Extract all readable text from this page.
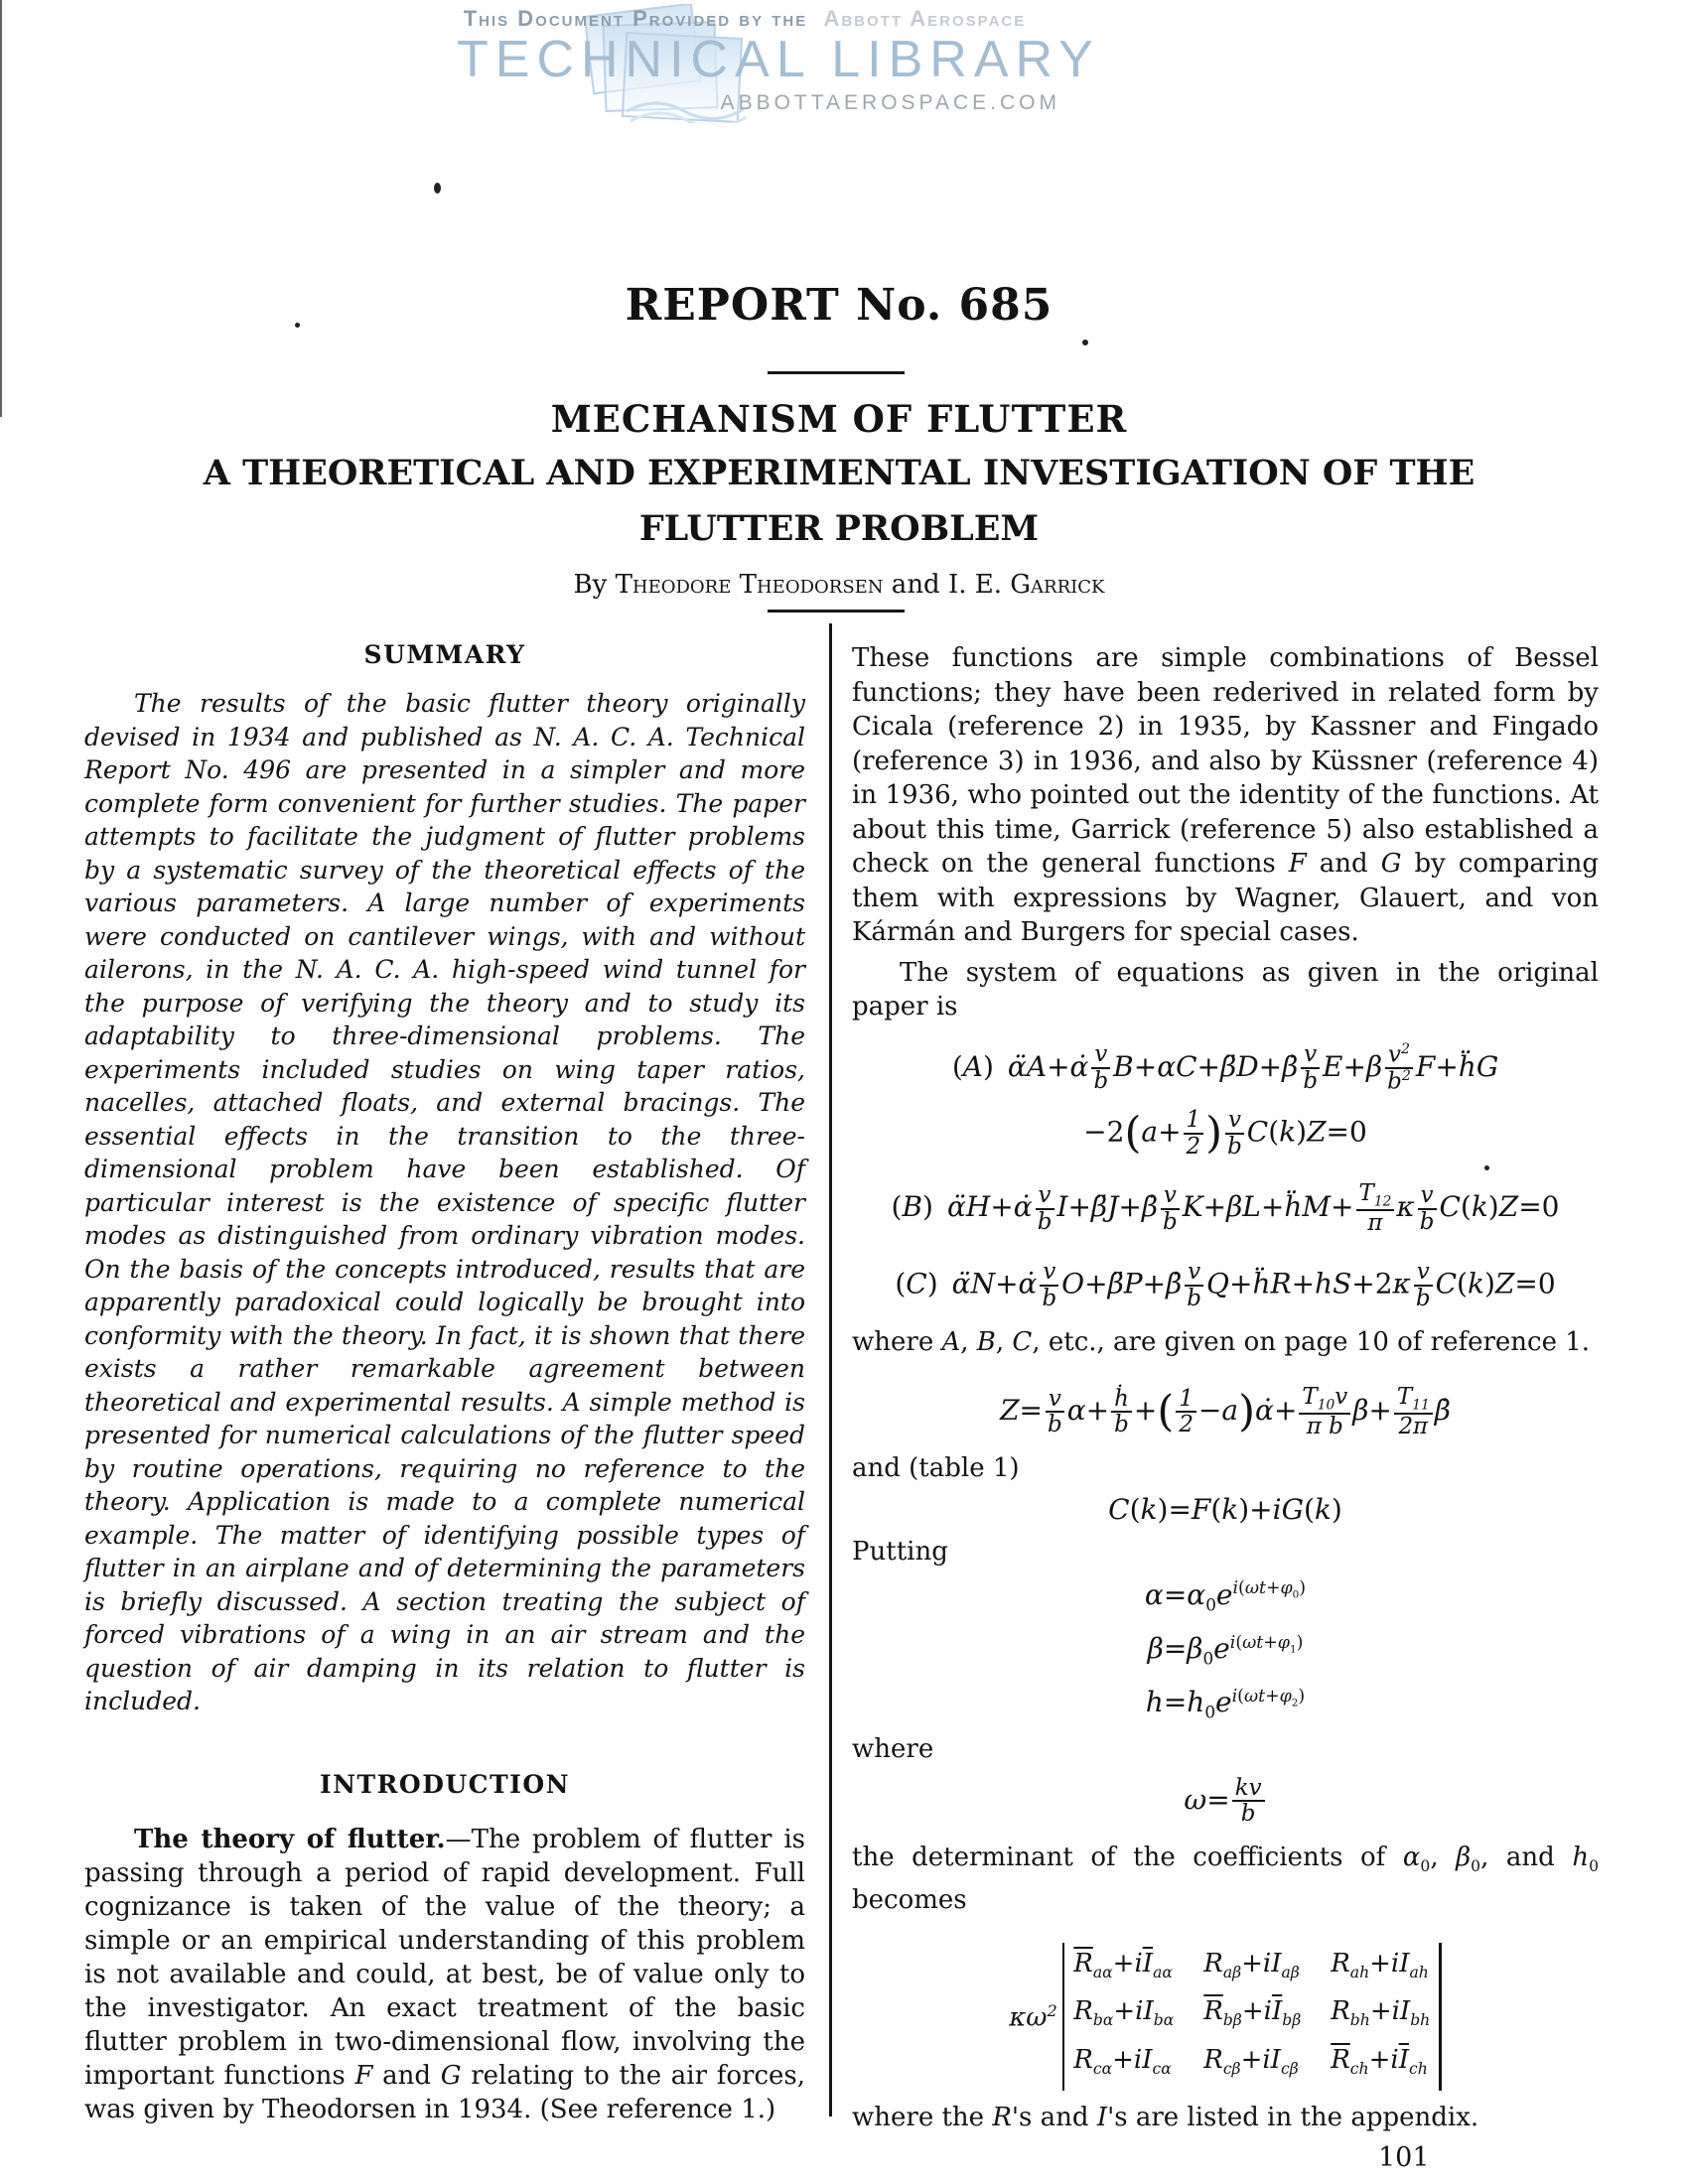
This Document Provided by the Abbott Aerospace
TECHNICAL LIBRARY
ABBOTTAEROSPACE.COM
REPORT No. 685
MECHANISM OF FLUTTER
A THEORETICAL AND EXPERIMENTAL INVESTIGATION OF THE
FLUTTER PROBLEM
By Theodore Theodorsen and I. E. Garrick

SUMMARY

The results of the basic flutter theory originally devised in 1934 and published as N. A. C. A. Technical Report No. 496 are presented in a simpler and more complete form convenient for further studies. The paper attempts to facilitate the judgment of flutter problems by a systematic survey of the theoretical effects of the various parameters. A large number of experiments were conducted on cantilever wings, with and without ailerons, in the N. A. C. A. high-speed wind tunnel for the purpose of verifying the theory and to study its adaptability to three-dimensional problems. The experiments included studies on wing taper ratios, nacelles, attached floats, and external bracings. The essential effects in the transition to the three-dimensional problem have been established. Of particular interest is the existence of specific flutter modes as distinguished from ordinary vibration modes. On the basis of the concepts introduced, results that are apparently paradoxical could logically be brought into conformity with the theory. In fact, it is shown that there exists a rather remarkable agreement between theoretical and experimental results. A simple method is presented for numerical calculations of the flutter speed by routine operations, requiring no reference to the theory. Application is made to a complete numerical example. The matter of identifying possible types of flutter in an airplane and of determining the parameters is briefly discussed. A section treating the subject of forced vibrations of a wing in an air stream and the question of air damping in its relation to flutter is included.

INTRODUCTION

The theory of flutter.—The problem of flutter is passing through a period of rapid development. Full cognizance is taken of the value of the theory; a simple or an empirical understanding of this problem is not available and could, at best, be of value only to the investigator. An exact treatment of the basic flutter problem in two-dimensional flow, involving the important functions F and G relating to the air forces, was given by Theodorsen in 1934. (See reference 1.)

These functions are simple combinations of Bessel functions; they have been rederived in related form by Cicala (reference 2) in 1935, by Kassner and Fingado (reference 3) in 1936, and also by Küssner (reference 4) in 1936, who pointed out the identity of the functions. At about this time, Garrick (reference 5) also established a check on the general functions F and G by comparing them with expressions by Wagner, Glauert, and von Kármán and Burgers for special cases.

The system of equations as given in the original paper is

(A) α̈A+α̇ $\frac{v}{b}$ B+αC+β̈D+β̇ $\frac{v}{b} E+\beta \frac{v^2}{b^2}$ F+ḧG
$-2(a+ \frac{1}{2}$ ) $\frac{v}{b} C(k)Z=0$
(B) α̈H+α̇ $\frac{v}{b}$ I+β̈J+β̇ $\frac{v}{b}$ K+βL+ḧM+ $\frac{T_{12}}{\pi}$ κ $\frac{v}{b} C(k)Z=0$
(C) α̈N+α̇ $\frac{v}{b}$ O+β̈P+β̇ $\frac{v}{b}$ Q+ḧR+hS+2κ $\frac{v}{b} C(k)Z=0$

where A, B, C, etc., are given on page 10 of reference 1.

$Z= \frac{v}{b} \alpha+ \frac{ḣ}{b}$ +( $\frac{1}{2}$ −a)α̇+ $\frac{T_{10}v}{\text{π b}} \beta+ \frac{T_{11}}{2\pi}$ β̇

and (table 1)

C(k)=F(k)+iG(k)

Putting

$\alpha=\alpha_0e^{i(\omega t+\varphi_0)}$
$\beta=\beta_0e^{i(\omega t+\varphi_1)}$
$h=h_0e^{i(\omega t+\varphi_2)}$

where

$\omega= \frac{kv}{b}$

the determinant of the coefficients of $\alpha_0$, $\beta_0$, and $h_0$ becomes

$\kappa\omega^2$
$\overline{R}_{a\alpha}+i\overline{I}_{a\alpha}$ $R_{a\beta}+iI_{a\beta}$ $R_{ah}+iI_{ah}$
$R_{b\alpha}+iI_{b\alpha}$ $\overline{R}_{b\beta}+i\overline{I}_{b\beta}$ $R_{bh}+iI_{bh}$
$R_{c\alpha}+iI_{c\alpha}$ $R_{c\beta}+iI_{c\beta}$ $\overline{R}_{ch}+i\overline{I}_{ch}$

where the R's and I's are listed in the appendix.

101
